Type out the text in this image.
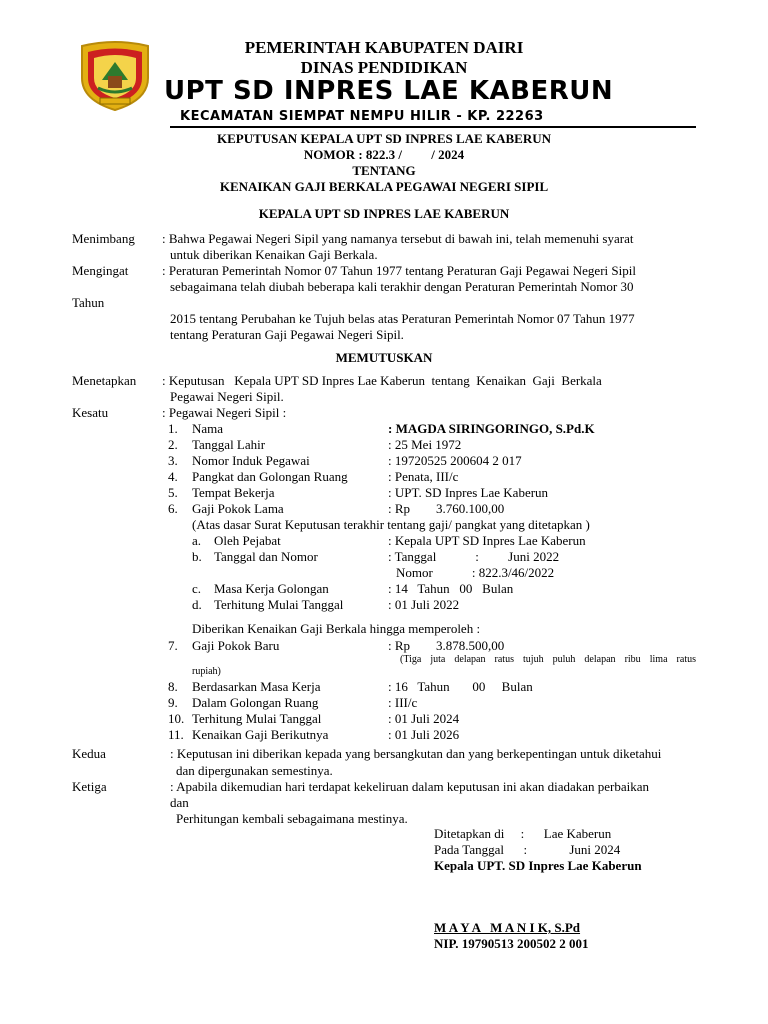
PEMERINTAH KABUPATEN DAIRI
DINAS PENDIDIKAN
UPT SD INPRES LAE KABERUN
KECAMATAN SIEMPAT NEMPU HILIR - KP. 22263
KEPUTUSAN KEPALA UPT SD INPRES LAE KABERUN
NOMOR : 822.3 /         / 2024
TENTANG
KENAIKAN GAJI BERKALA PEGAWAI NEGERI SIPIL
KEPALA UPT SD INPRES LAE KABERUN
Menimbang : Bahwa Pegawai Negeri Sipil yang namanya tersebut di bawah ini, telah memenuhi syarat
untuk diberikan Kenaikan Gaji Berkala.
Mengingat	: Peraturan Pemerintah Nomor 07 Tahun 1977 tentang Peraturan Gaji Pegawai Negeri Sipil
sebagaimana telah diubah beberapa kali terakhir dengan Peraturan Pemerintah Nomor 30
Tahun
2015 tentang Perubahan ke Tujuh belas atas Peraturan Pemerintah Nomor 07 Tahun 1977
tentang Peraturan Gaji Pegawai Negeri Sipil.
MEMUTUSKAN
Menetapkan : Keputusan   Kepala UPT SD Inpres Lae Kaberun  tentang  Kenaikan  Gaji  Berkala
Pegawai Negeri Sipil.
Kesatu	: Pegawai Negeri Sipil :
1. Nama	: MAGDA SIRINGORINGO, S.Pd.K
2. Tanggal Lahir	: 25 Mei 1972
3. Nomor Induk Pegawai	: 19720525 200604 2 017
4. Pangkat dan Golongan Ruang	: Penata, III/c
5. Tempat Bekerja	: UPT. SD Inpres Lae Kaberun
6. Gaji Pokok Lama	: Rp        3.760.100,00
(Atas dasar Surat Keputusan terakhir tentang gaji/ pangkat yang ditetapkan )
a. Oleh Pejabat	: Kepala UPT SD Inpres Lae Kaberun
b. Tanggal dan Nomor	: Tanggal            :         Juni 2022
Nomor            : 822.3/46/2022
c. Masa Kerja Golongan	: 14   Tahun   00   Bulan
d. Terhitung Mulai Tanggal	: 01 Juli 2022
Diberikan Kenaikan Gaji Berkala hingga memperoleh :
7. Gaji Pokok Baru	: Rp        3.878.500,00
(Tiga  juta  delapan  ratus  tujuh  puluh  delapan  ribu  lima  ratus
rupiah)
8. Berdasarkan Masa Kerja	: 16   Tahun       00     Bulan
9. Dalam Golongan Ruang	: III/c
10. Terhitung Mulai Tanggal	: 01 Juli 2024
11. Kenaikan Gaji Berikutnya	: 01 Juli 2026
Kedua	: Keputusan ini diberikan kepada yang bersangkutan dan yang berkepentingan untuk diketahui
dan dipergunakan semestinya.
Ketiga	: Apabila dikemudian hari terdapat kekeliruan dalam keputusan ini akan diadakan perbaikan
dan
Perhitungan kembali sebagaimana mestinya.
Ditetapkan di     :      Lae Kaberun
Pada Tanggal      :             Juni 2024
Kepala UPT. SD Inpres Lae Kaberun
M A Y A   M A N I K, S.Pd
NIP. 19790513 200502 2 001
